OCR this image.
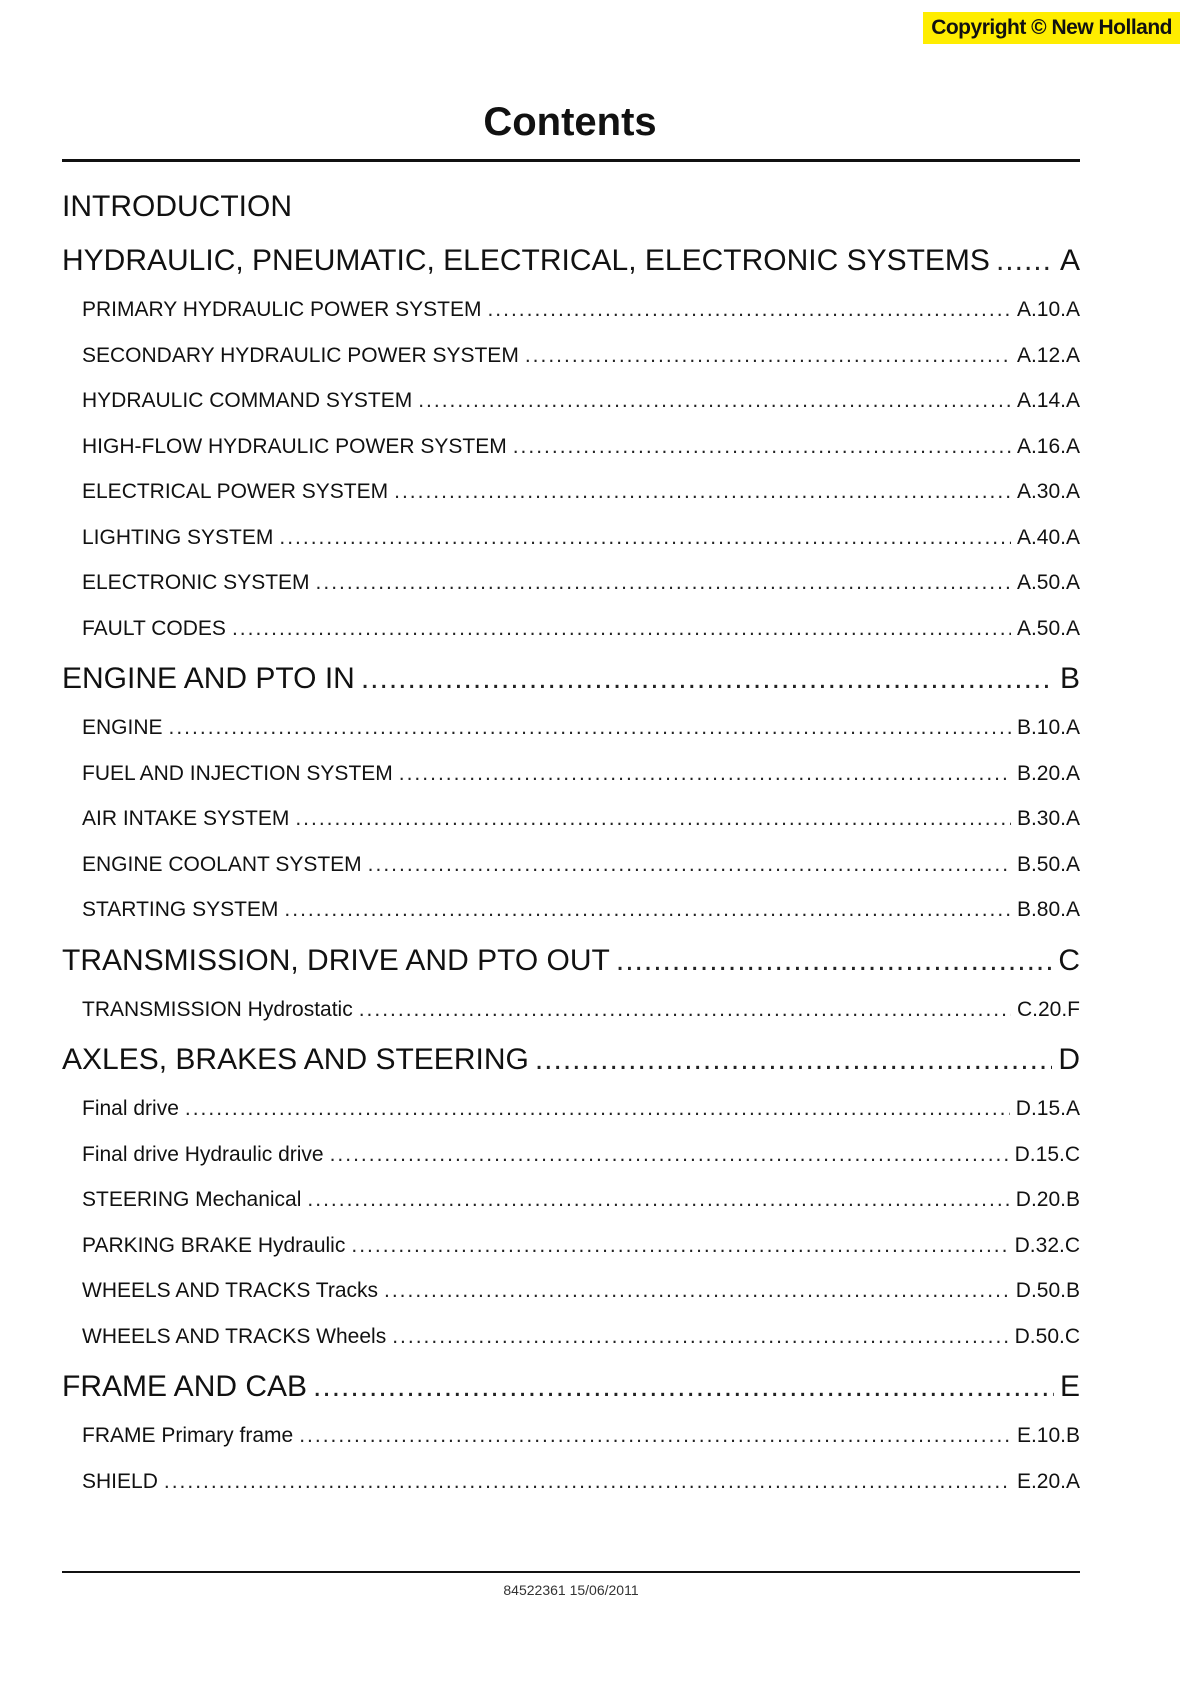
Copyright © New Holland
Contents
INTRODUCTION
HYDRAULIC, PNEUMATIC, ELECTRICAL, ELECTRONIC SYSTEMS ..... A
PRIMARY HYDRAULIC POWER SYSTEM .....	A.10.A
SECONDARY HYDRAULIC POWER SYSTEM .....	A.12.A
HYDRAULIC COMMAND SYSTEM .....	A.14.A
HIGH-FLOW HYDRAULIC POWER SYSTEM .....	A.16.A
ELECTRICAL POWER SYSTEM .....	A.30.A
LIGHTING SYSTEM .....	A.40.A
ELECTRONIC SYSTEM .....	A.50.A
FAULT CODES .....	A.50.A
ENGINE AND PTO IN .....	B
ENGINE .....	B.10.A
FUEL AND INJECTION SYSTEM .....	B.20.A
AIR INTAKE SYSTEM .....	B.30.A
ENGINE COOLANT SYSTEM .....	B.50.A
STARTING SYSTEM .....	B.80.A
TRANSMISSION, DRIVE AND PTO OUT .....	C
TRANSMISSION Hydrostatic .....	C.20.F
AXLES, BRAKES AND STEERING .....	D
Final drive .....	D.15.A
Final drive Hydraulic drive .....	D.15.C
STEERING Mechanical .....	D.20.B
PARKING BRAKE Hydraulic .....	D.32.C
WHEELS AND TRACKS Tracks .....	D.50.B
WHEELS AND TRACKS Wheels .....	D.50.C
FRAME AND CAB .....	E
FRAME Primary frame .....	E.10.B
SHIELD .....	E.20.A
84522361 15/06/2011
